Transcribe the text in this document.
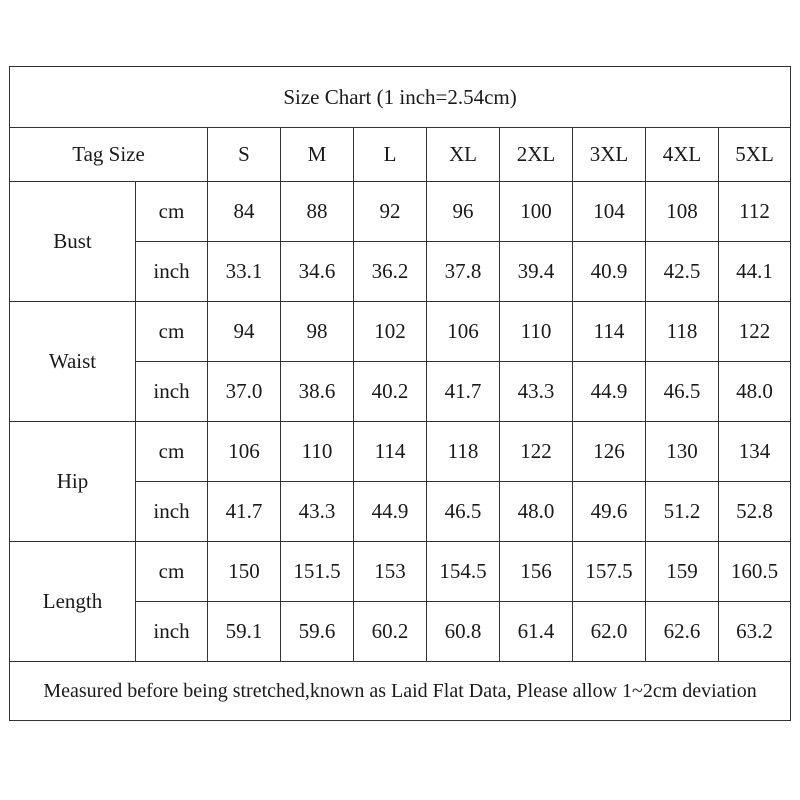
Size Chart (1 inch=2.54cm)									
Tag Size		S	M	L	XL	2XL	3XL	4XL	5XL
Bust	cm	84	88	92	96	100	104	108	112
	inch	33.1	34.6	36.2	37.8	39.4	40.9	42.5	44.1
Waist	cm	94	98	102	106	110	114	118	122
	inch	37.0	38.6	40.2	41.7	43.3	44.9	46.5	48.0
Hip	cm	106	110	114	118	122	126	130	134
	inch	41.7	43.3	44.9	46.5	48.0	49.6	51.2	52.8
Length	cm	150	151.5	153	154.5	156	157.5	159	160.5
	inch	59.1	59.6	60.2	60.8	61.4	62.0	62.6	63.2
Measured before being stretched,known as Laid Flat Data, Please allow 1~2cm deviation									
